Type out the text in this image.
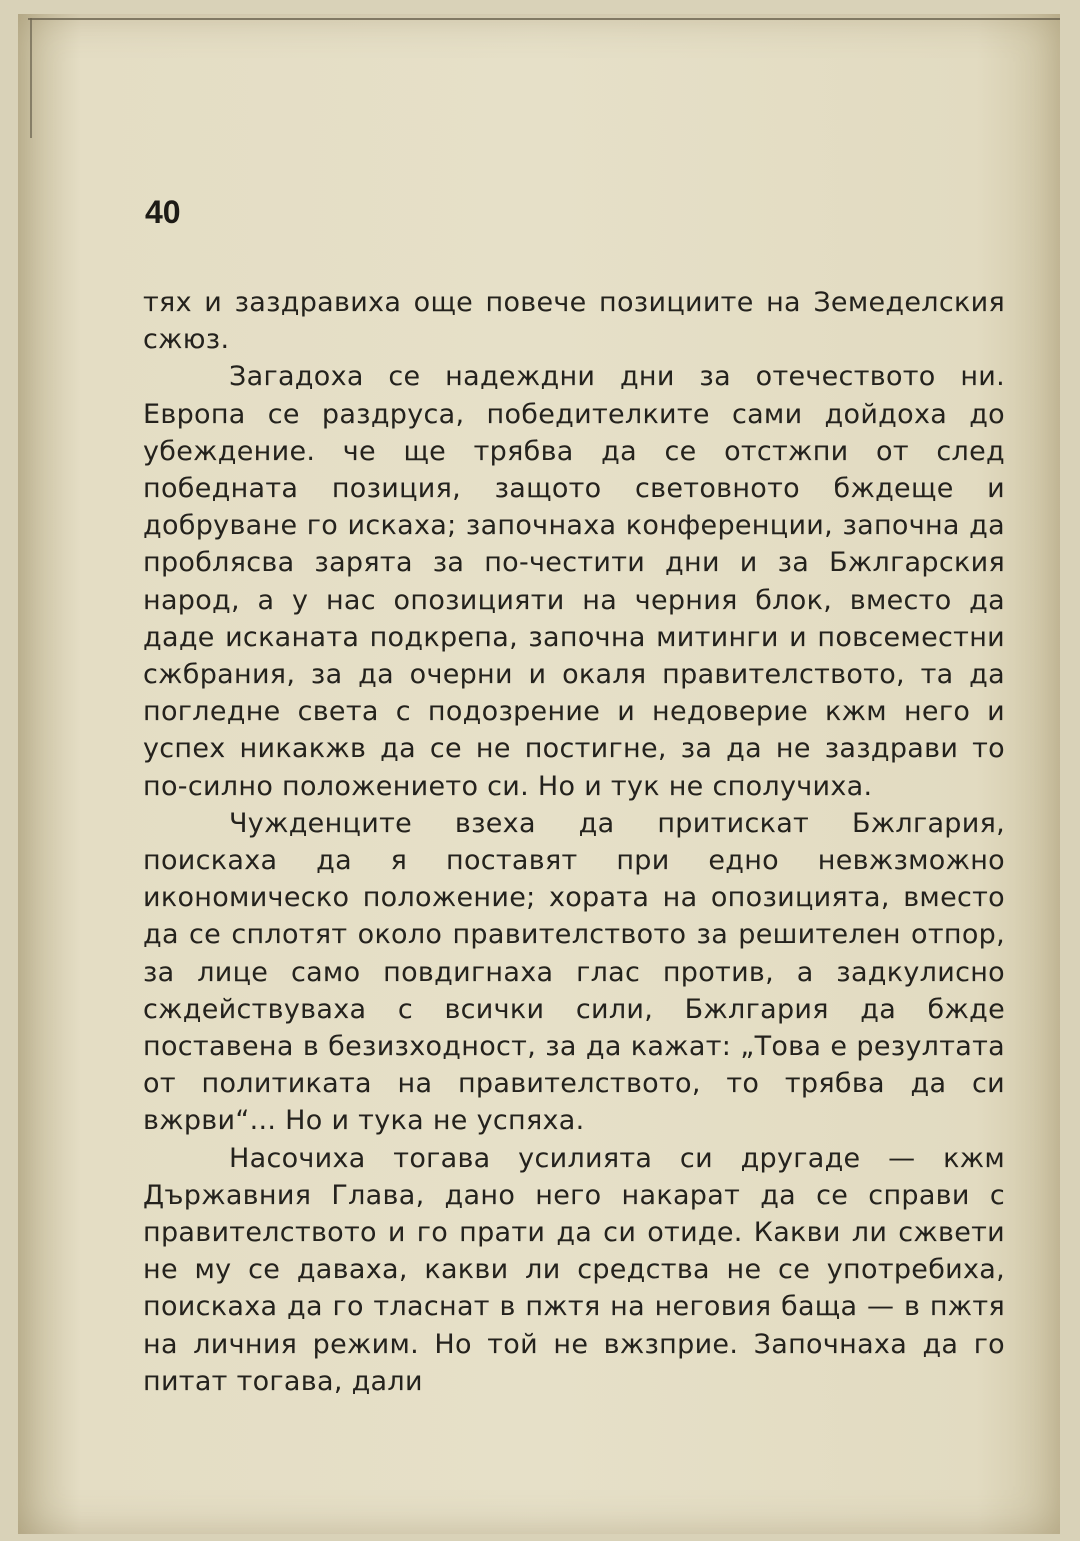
40

тях и заздравиха още повече позициите на Земеделския сжюз.

Загадоха се надеждни дни за отечеството ни. Европа се раздруса, победителките сами дойдоха до убеждение. че ще трябва да се отстжпи от след победната позиция, защото световното бждеще и добруване го искаха; започнаха конференции, започна да проблясва зарята за по-честити дни и за Бжлгарския народ, а у нас опозицияти на черния блок, вместо да даде исканата подкрепа, започна митинги и повсеместни сжбрания, за да очерни и окаля правителството, та да погледне света с подозрение и недоверие кжм него и успех никакжв да се не постигне, за да не заздрави то по-силно положението си. Но и тук не сполучиха.

Чужденците взеха да притискат Бжлгария, поискаха да я поставят при едно невжзможно икономическо положение; хората на опозицията, вместо да се сплотят около правителството за решителен отпор, за лице само повдигнаха глас против, а задкулисно сждействуваха с всички сили, Бжлгария да бжде поставена в безизходност, за да кажат: „Това е резултата от политиката на правителството, то трябва да си вжрви“... Но и тука не успяха.

Насочиха тогава усилията си другаде — кжм Държавния Глава, дано него накарат да се справи с правителството и го прати да си отиде. Какви ли сжвети не му се даваха, какви ли средства не се употребиха, поискаха да го тласнат в пжтя на неговия баща — в пжтя на личния режим. Но той не вжзприе. Започнаха да го питат тогава, дали
